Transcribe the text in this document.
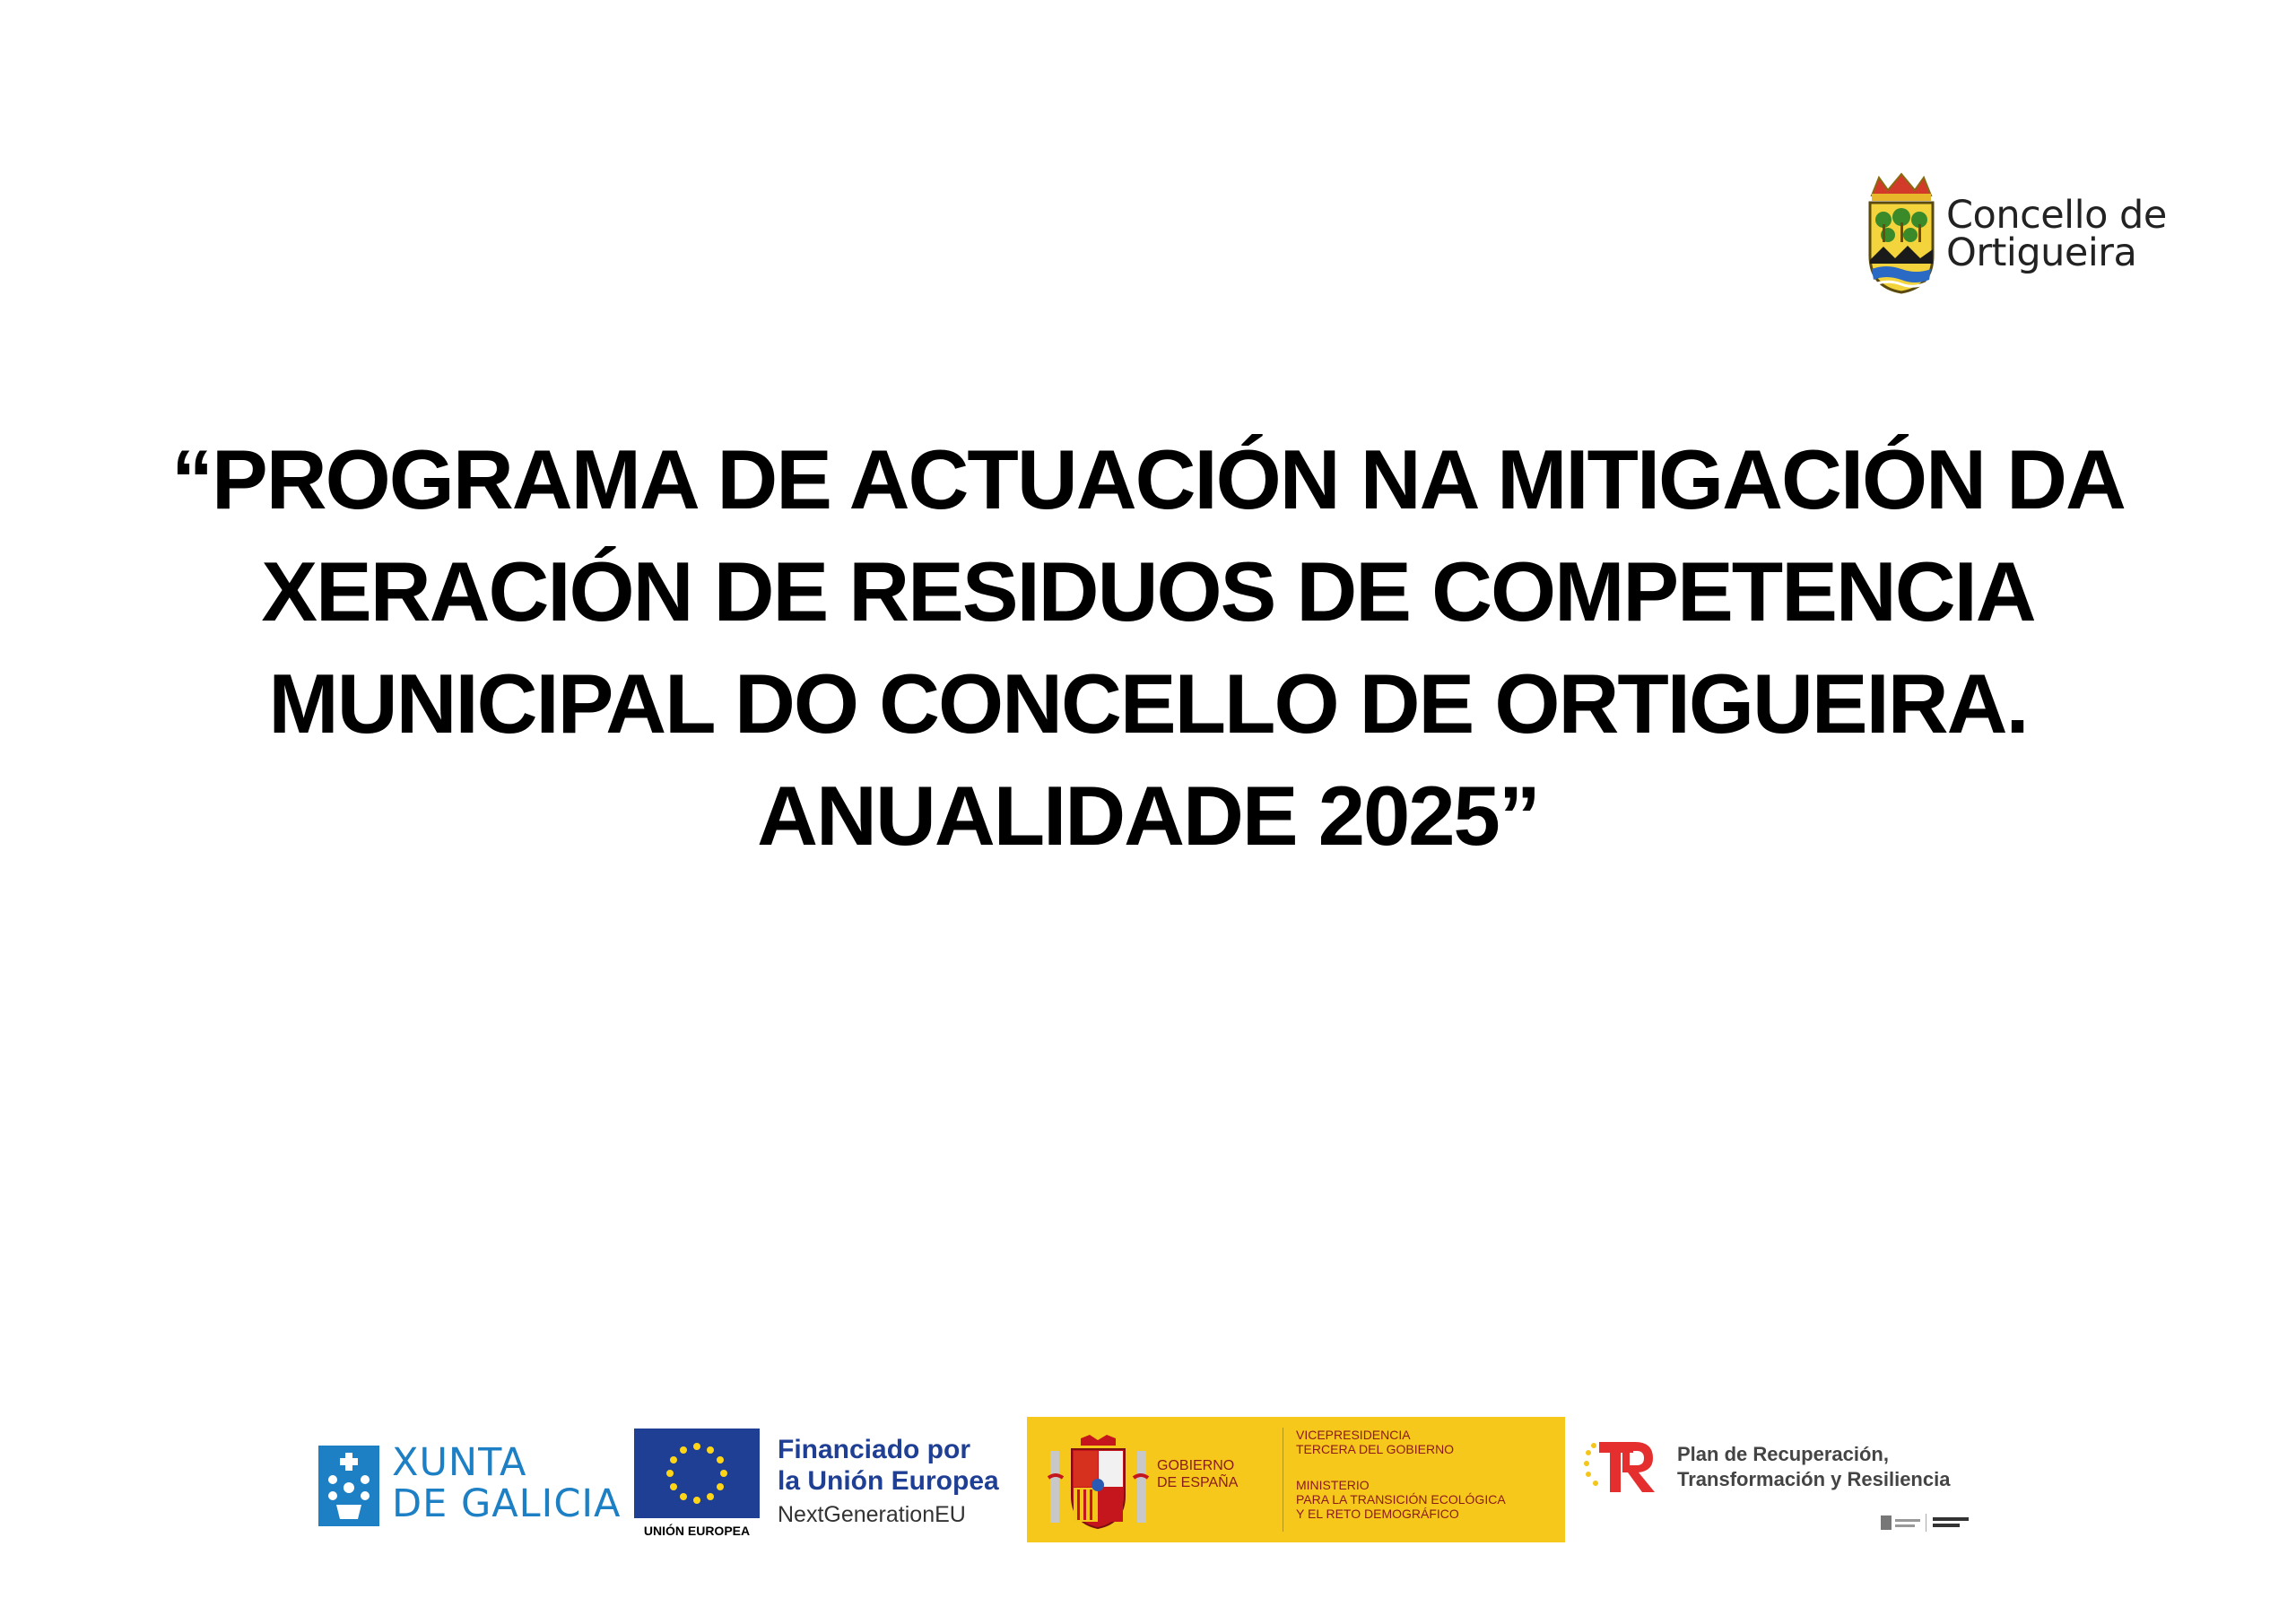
Concello de
Ortigueira
“PROGRAMA DE ACTUACIÓN NA MITIGACIÓN DA
XERACIÓN DE RESIDUOS DE COMPETENCIA
MUNICIPAL DO CONCELLO DE ORTIGUEIRA.
ANUALIDADE 2025”
XUNTA
DE GALICIA
UNIÓN EUROPEA
Financiado por
la Unión Europea
NextGenerationEU
GOBIERNO
DE ESPAÑA
VICEPRESIDENCIA
TERCERA DEL GOBIERNO
MINISTERIO
PARA LA TRANSICIÓN ECOLÓGICA
Y EL RETO DEMOGRÁFICO
Plan de Recuperación,
Transformación y Resiliencia
